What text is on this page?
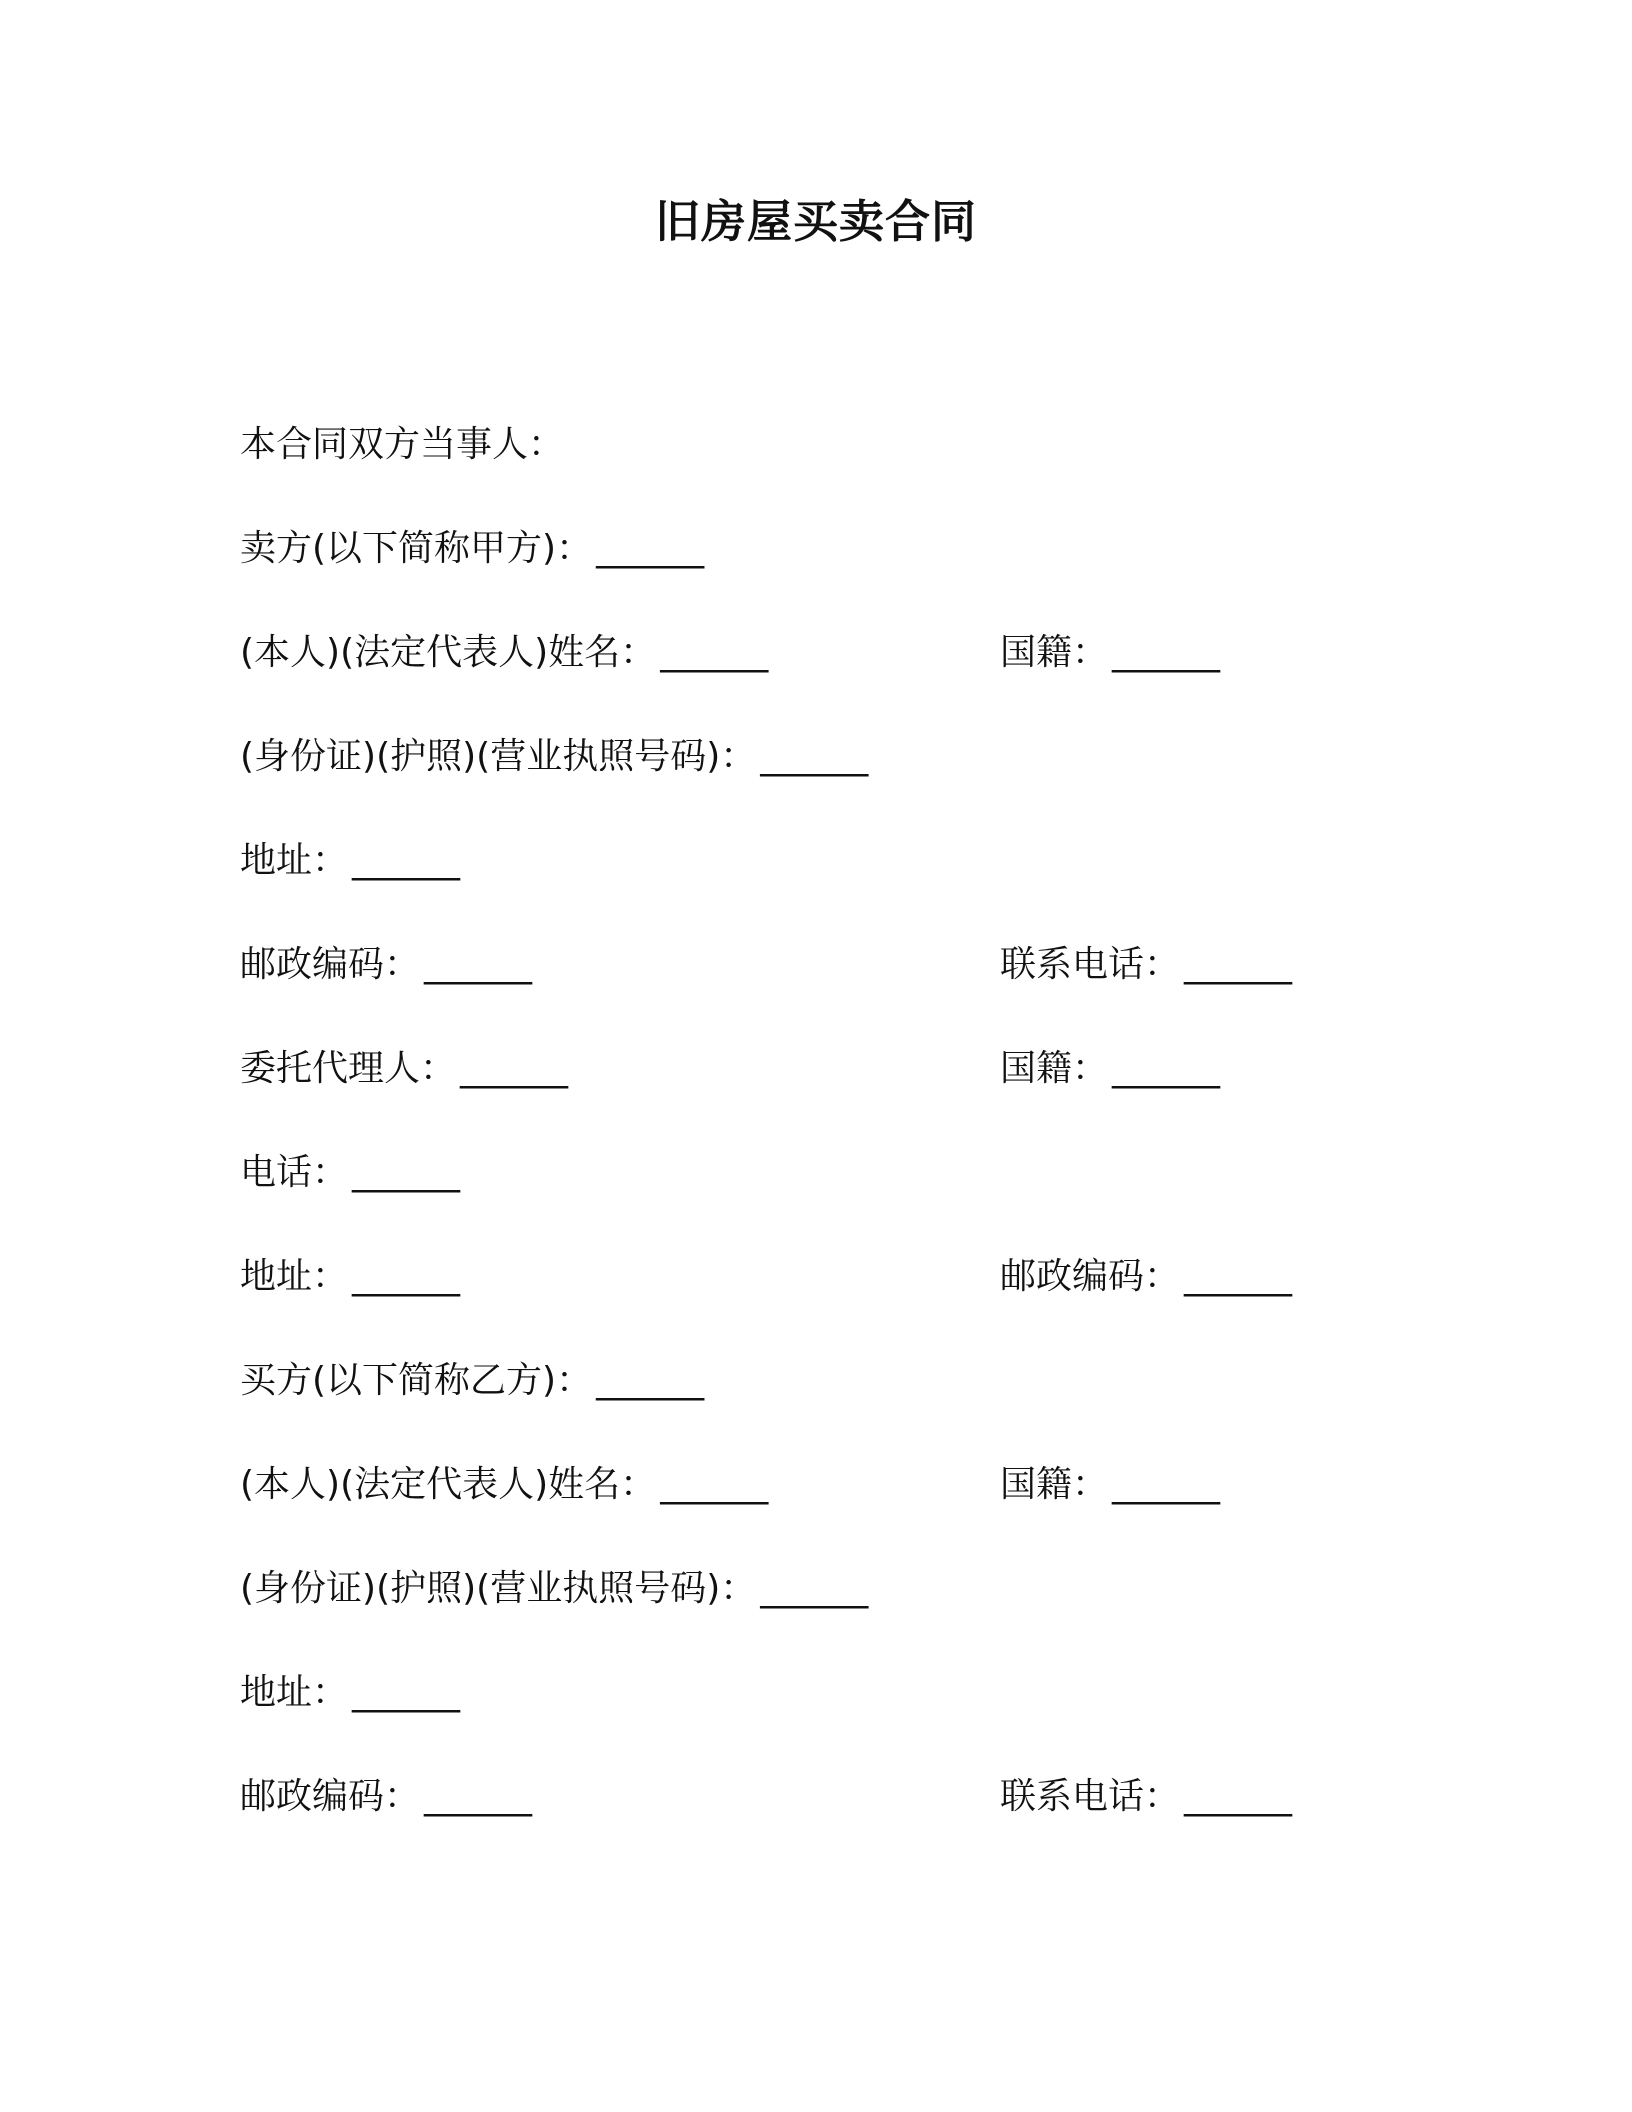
旧房屋买卖合同
本合同双方当事人：
卖方(以下简称甲方)： ______
(本人)(法定代表人)姓名： ______	国籍： ______
(身份证)(护照)(营业执照号码)： ______
地址： ______
邮政编码： ______	联系电话： ______
委托代理人： ______	国籍： ______
电话： ______
地址： ______	邮政编码： ______
买方(以下简称乙方)： ______
(本人)(法定代表人)姓名： ______	国籍： ______
(身份证)(护照)(营业执照号码)： ______
地址： ______
邮政编码： ______	联系电话： ______
